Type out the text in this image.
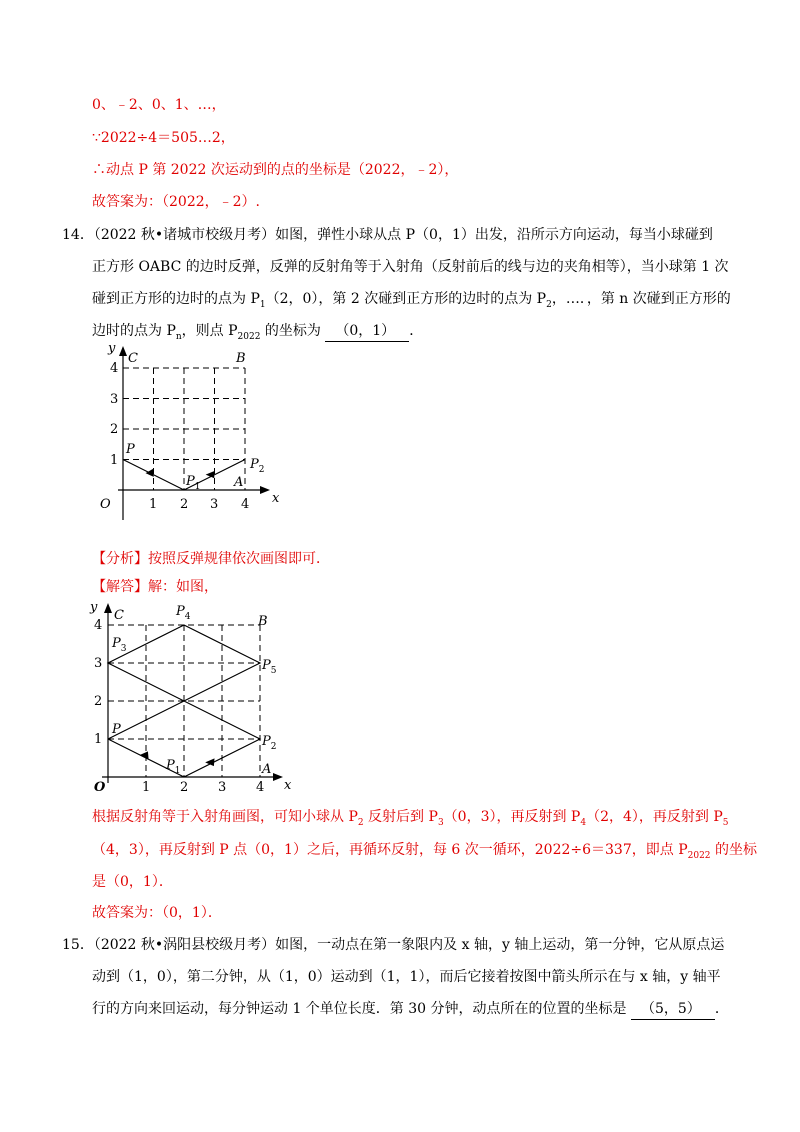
0、﹣2、0、1、…，
∵2022÷4＝505…2，
∴动点 P 第 2022 次运动到的点的坐标是（2022，﹣2），
故答案为：（2022，﹣2）.
14．（2022 秋•诸城市校级月考）如图，弹性小球从点 P（0，1）出发，沿所示方向运动，每当小球碰到
正方形 OABC 的边时反弹，反弹的反射角等于入射角（反射前后的线与边的夹角相等），当小球第 1 次
碰到正方形的边时的点为 $P_1(2$，0），第 2 次碰到正方形的边时的点为 $P_2$，…．，第 n 次碰到正方形的
边时的点为 $P_n$，则点 $P_{2022}$ 的坐标为 （0，1） ．
y
x
O
C	B
A
P
$P_1$
$P_2$
1
2
3
4
1 2 3 4
【分析】按照反弹规律依次画图即可．
【解答】解：如图，
y
x
O
C	B
A
P
$P_1$
$P_2$
$P_3$
$P_4$
$P_5$
1
2
3
4
1 2 3 4
根据反射角等于入射角画图，可知小球从 $P_2$ 反射后到 $P_3(0$，3），再反射到 $P_4(2$，4），再反射到 $P_5$
（4，3），再反射到 P 点（0，1）之后，再循环反射，每 6 次一循环，2022÷6＝337，即点 $P_{2022}$ 的坐标
是（0，1）．
故答案为：（0，1）．
15．（2022 秋•涡阳县校级月考）如图，一动点在第一象限内及 x 轴，y 轴上运动，第一分钟，它从原点运
动到（1，0），第二分钟，从（1，0）运动到（1，1），而后它接着按图中箭头所示在与 x 轴，y 轴平
行的方向来回运动，每分钟运动 1 个单位长度．第 30 分钟，动点所在的位置的坐标是 （5，5） ．
